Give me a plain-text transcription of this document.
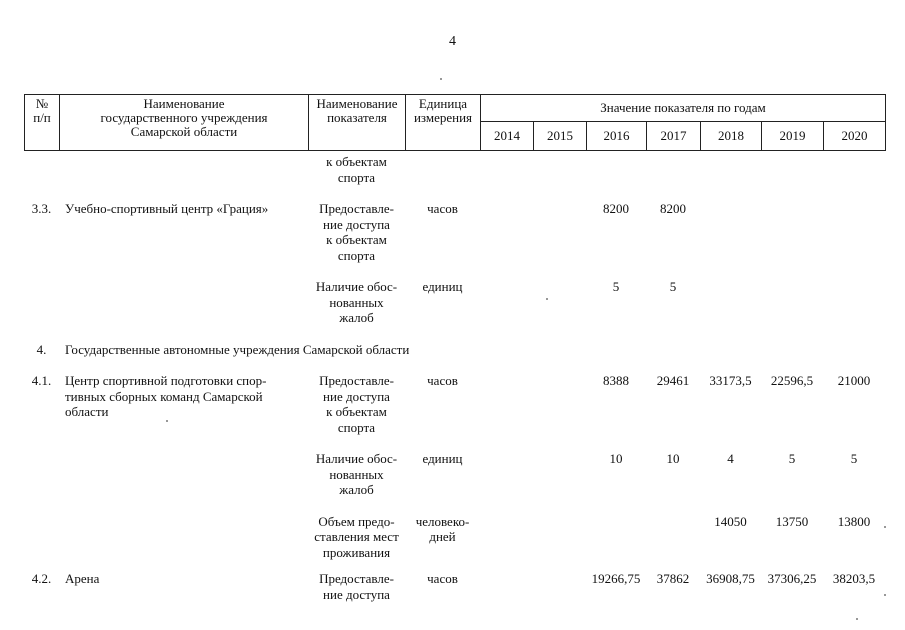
4
№
п/п	Наименование
государственного учреждения
Самарской области	Наименование
показателя	Единица
измерения	Значение показателя по годам						
				2014	2015	2016	2017	2018	2019	2020

		к объектам
спорта								

3.3.	Учебно-спортивный центр «Грация»	Предоставле-
ние доступа
к объектам
спорта	часов			8200	8200			

		Наличие обос-
нованных
жалоб	единиц			5	5			

4.	Государственные автономные учреждения Самарской области									

4.1.	Центр спортивной подготовки спор-
тивных сборных команд Самарской
области	Предоставле-
ние доступа
к объектам
спорта	часов			8388	29461	33173,5	22596,5	21000

		Наличие обос-
нованных
жалоб	единиц			10	10	4	5	5

		Объем предо-
ставления мест
проживания	человеко-
дней					14050	13750	13800

4.2.	Арена	Предоставле-
ние доступа	часов			19266,75	37862	36908,75	37306,25	38203,5
